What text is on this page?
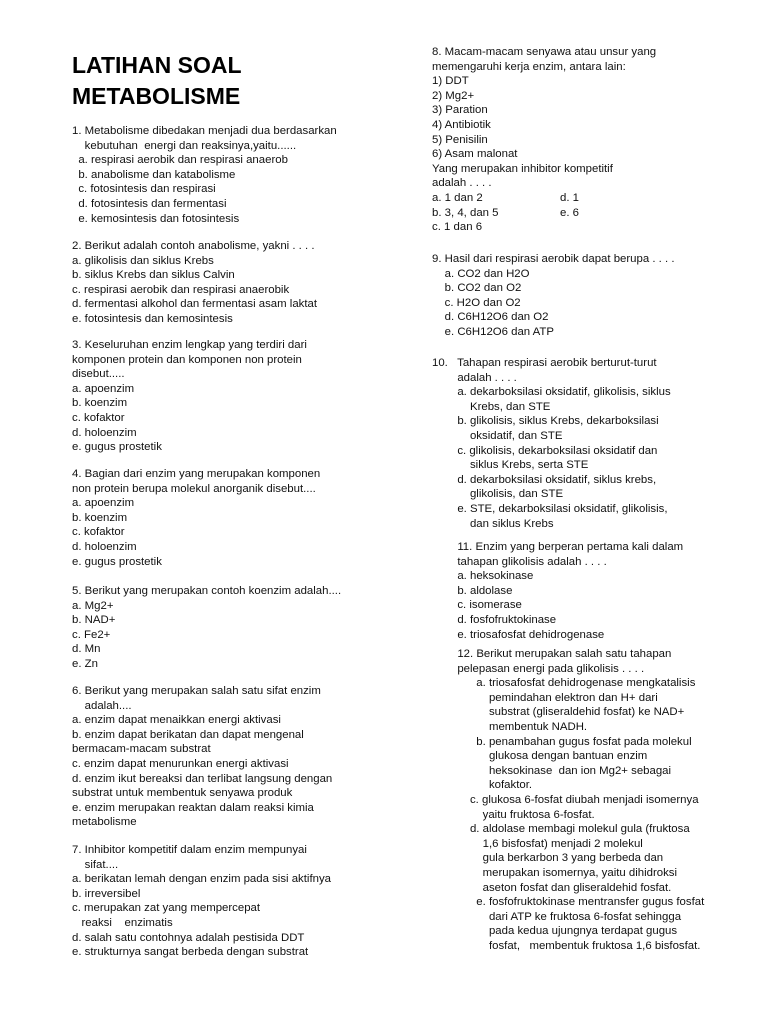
LATIHAN SOAL
METABOLISME
1. Metabolisme dibedakan menjadi dua berdasarkan
kebutuhan  energi dan reaksinya,yaitu......
a. respirasi aerobik dan respirasi anaerob
b. anabolisme dan katabolisme
c. fotosintesis dan respirasi
d. fotosintesis dan fermentasi
e. kemosintesis dan fotosintesis
2. Berikut adalah contoh anabolisme, yakni . . . .
a. glikolisis dan siklus Krebs
b. siklus Krebs dan siklus Calvin
c. respirasi aerobik dan respirasi anaerobik
d. fermentasi alkohol dan fermentasi asam laktat
e. fotosintesis dan kemosintesis
3. Keseluruhan enzim lengkap yang terdiri dari
komponen protein dan komponen non protein
disebut.....
a. apoenzim
b. koenzim
c. kofaktor
d. holoenzim
e. gugus prostetik
4. Bagian dari enzim yang merupakan komponen
non protein berupa molekul anorganik disebut....
a. apoenzim
b. koenzim
c. kofaktor
d. holoenzim
e. gugus prostetik
5. Berikut yang merupakan contoh koenzim adalah....
a. Mg2+
b. NAD+
c. Fe2+
d. Mn
e. Zn
6. Berikut yang merupakan salah satu sifat enzim
adalah....
a. enzim dapat menaikkan energi aktivasi
b. enzim dapat berikatan dan dapat mengenal
bermacam-macam substrat
c. enzim dapat menurunkan energi aktivasi
d. enzim ikut bereaksi dan terlibat langsung dengan
substrat untuk membentuk senyawa produk
e. enzim merupakan reaktan dalam reaksi kimia
metabolisme
7. Inhibitor kompetitif dalam enzim mempunyai
sifat....
a. berikatan lemah dengan enzim pada sisi aktifnya
b. irreversibel
c. merupakan zat yang mempercepat
reaksi    enzimatis
d. salah satu contohnya adalah pestisida DDT
e. strukturnya sangat berbeda dengan substrat
8. Macam-macam senyawa atau unsur yang
memengaruhi kerja enzim, antara lain:
1) DDT
2) Mg2+
3) Paration
4) Antibiotik
5) Penisilin
6) Asam malonat
Yang merupakan inhibitor kompetitif
adalah . . . .
a. 1 dan 2	d. 1
b. 3, 4, dan 5	e. 6
c. 1 dan 6
9. Hasil dari respirasi aerobik dapat berupa . . . .
a. CO2 dan H2O
b. CO2 dan O2
c. H2O dan O2
d. C6H12O6 dan O2
e. C6H12O6 dan ATP
10.   Tahapan respirasi aerobik berturut-turut
adalah . . . .
a. dekarboksilasi oksidatif, glikolisis, siklus
Krebs, dan STE
b. glikolisis, siklus Krebs, dekarboksilasi
oksidatif, dan STE
c. glikolisis, dekarboksilasi oksidatif dan
siklus Krebs, serta STE
d. dekarboksilasi oksidatif, siklus krebs,
glikolisis, dan STE
e. STE, dekarboksilasi oksidatif, glikolisis,
dan siklus Krebs
11. Enzim yang berperan pertama kali dalam
tahapan glikolisis adalah . . . .
a. heksokinase
b. aldolase
c. isomerase
d. fosfofruktokinase
e. triosafosfat dehidrogenase
12. Berikut merupakan salah satu tahapan
pelepasan energi pada glikolisis . . . .
a. triosafosfat dehidrogenase mengkatalisis
pemindahan elektron dan H+ dari
substrat (gliseraldehid fosfat) ke NAD+
membentuk NADH.
b. penambahan gugus fosfat pada molekul
glukosa dengan bantuan enzim
heksokinase  dan ion Mg2+ sebagai
kofaktor.
c. glukosa 6-fosfat diubah menjadi isomernya
yaitu fruktosa 6-fosfat.
d. aldolase membagi molekul gula (fruktosa
1,6 bisfosfat) menjadi 2 molekul
gula berkarbon 3 yang berbeda dan
merupakan isomernya, yaitu dihidroksi
aseton fosfat dan gliseraldehid fosfat.
e. fosfofruktokinase mentransfer gugus fosfat
dari ATP ke fruktosa 6-fosfat sehingga
pada kedua ujungnya terdapat gugus
fosfat,   membentuk fruktosa 1,6 bisfosfat.
